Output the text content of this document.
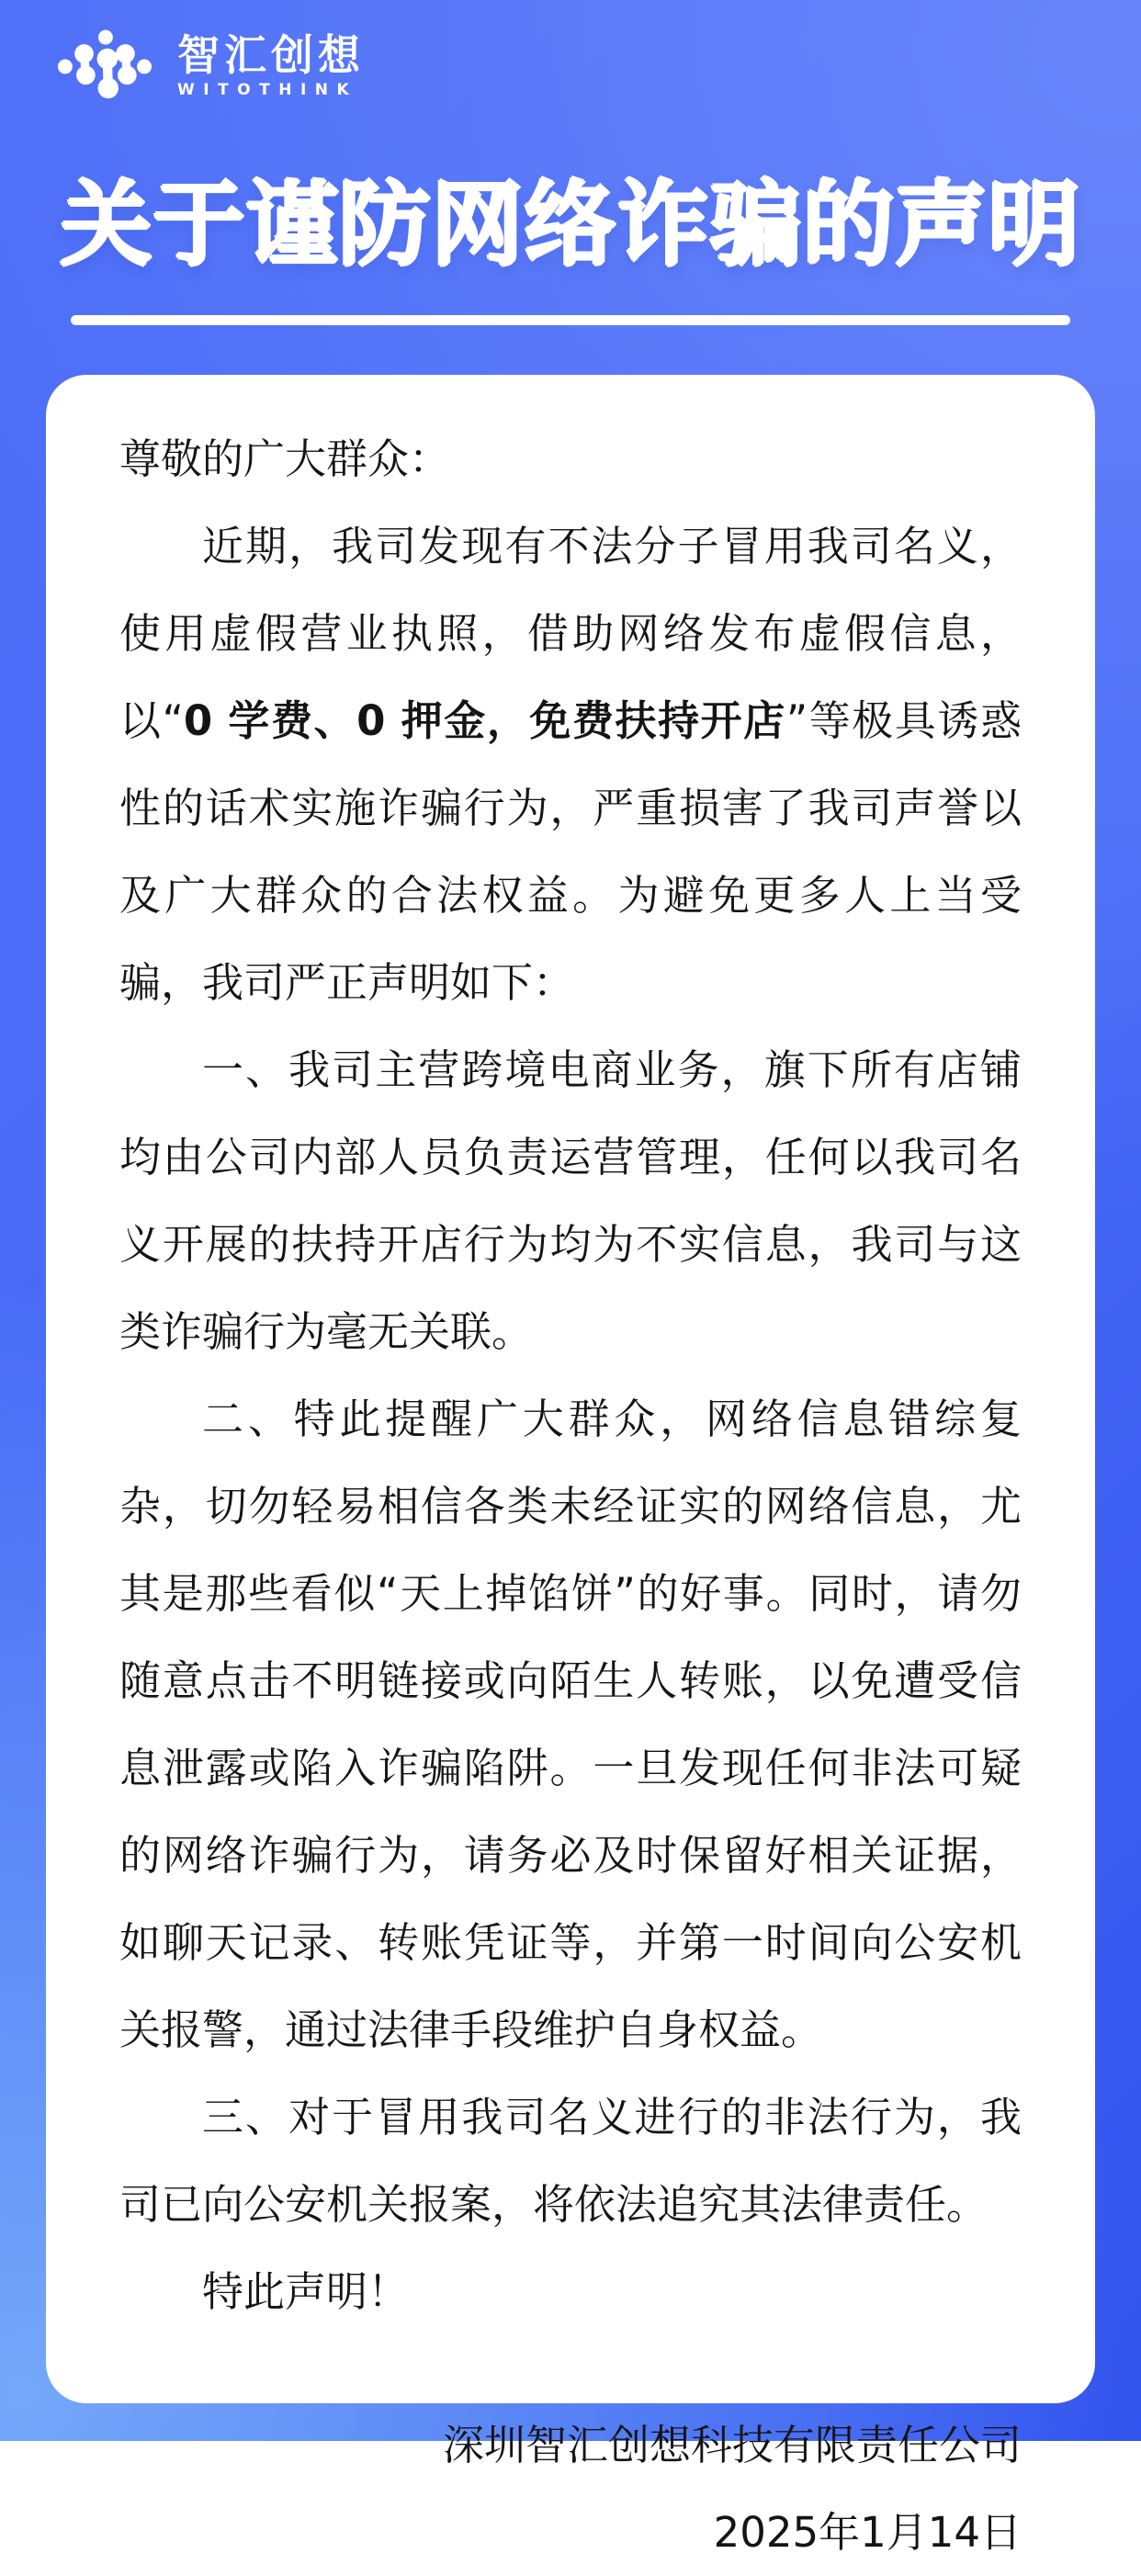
智汇创想
WITOTHINK
关于谨防网络诈骗的声明

尊敬的广大群众：

近期，我司发现有不法分子冒用我司名义，使用虚假营业执照，借助网络发布虚假信息，以“0 学费、0 押金，免费扶持开店”等极具诱惑性的话术实施诈骗行为，严重损害了我司声誉以及广大群众的合法权益。为避免更多人上当受骗，我司严正声明如下：

一、我司主营跨境电商业务，旗下所有店铺均由公司内部人员负责运营管理，任何以我司名义开展的扶持开店行为均为不实信息，我司与这类诈骗行为毫无关联。

二、特此提醒广大群众，网络信息错综复杂，切勿轻易相信各类未经证实的网络信息，尤其是那些看似“天上掉馅饼”的好事。同时，请勿随意点击不明链接或向陌生人转账，以免遭受信息泄露或陷入诈骗陷阱。一旦发现任何非法可疑的网络诈骗行为，请务必及时保留好相关证据，如聊天记录、转账凭证等，并第一时间向公安机关报警，通过法律手段维护自身权益。

三、对于冒用我司名义进行的非法行为，我司已向公安机关报案，将依法追究其法律责任。

特此声明！

深圳智汇创想科技有限责任公司

2025年1月14日
